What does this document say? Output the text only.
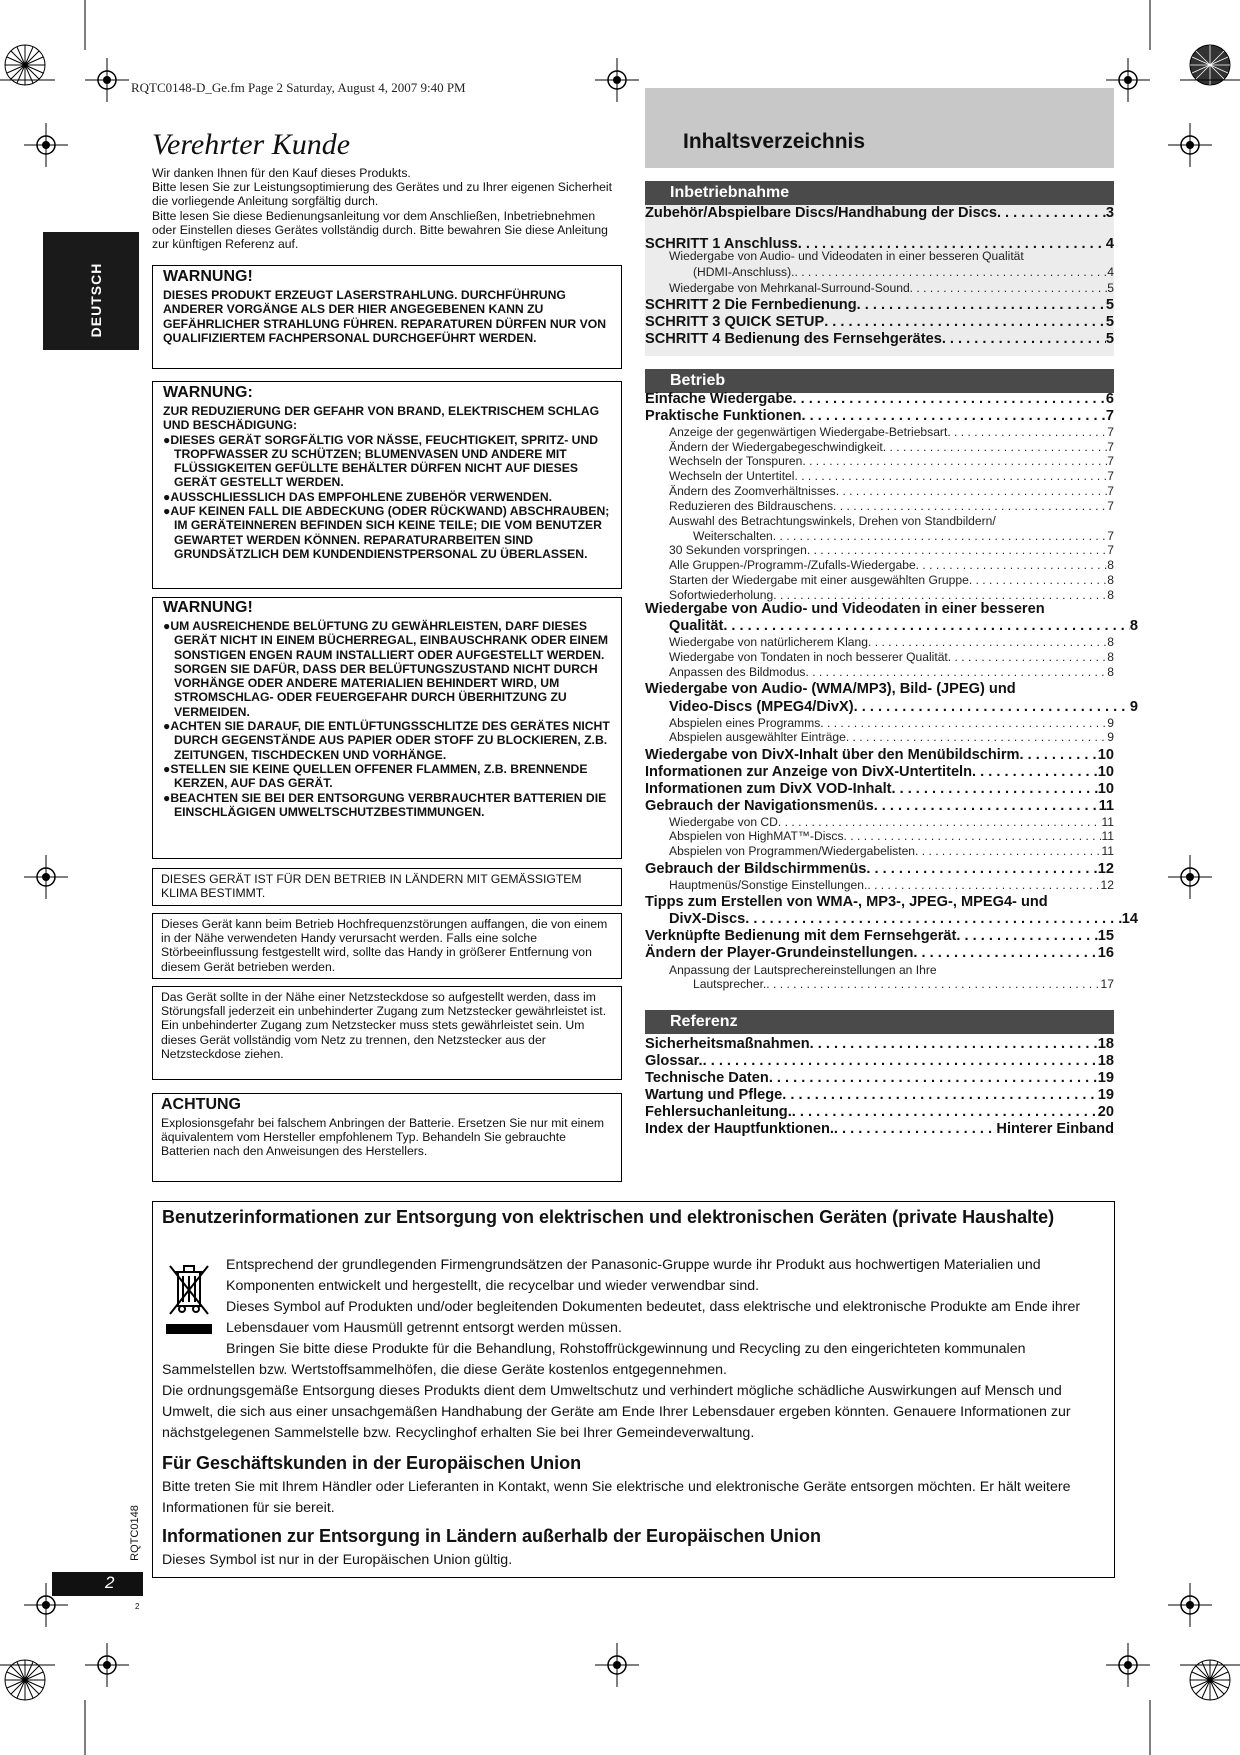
RQTC0148-D_Ge.fm Page 2 Saturday, August 4, 2007 9:40 PM
DEUTSCH
Verehrter Kunde

Wir danken Ihnen für den Kauf dieses Produkts.

Bitte lesen Sie zur Leistungsoptimierung des Gerätes und zu Ihrer eigenen Sicherheit die vorliegende Anleitung sorgfältig durch.

Bitte lesen Sie diese Bedienungsanleitung vor dem Anschließen, Inbetriebnehmen oder Einstellen dieses Gerätes vollständig durch. Bitte bewahren Sie diese Anleitung zur künftigen Referenz auf.

WARNUNG!

DIESES PRODUKT ERZEUGT LASERSTRAHLUNG. DURCHFÜHRUNG ANDERER VORGÄNGE ALS DER HIER ANGEGEBENEN KANN ZU GEFÄHRLICHER STRAHLUNG FÜHREN. REPARATUREN DÜRFEN NUR VON QUALIFIZIERTEM FACHPERSONAL DURCHGEFÜHRT WERDEN.

WARNUNG:

ZUR REDUZIERUNG DER GEFAHR VON BRAND, ELEKTRISCHEM SCHLAG UND BESCHÄDIGUNG:

●DIESES GERÄT SORGFÄLTIG VOR NÄSSE, FEUCHTIGKEIT, SPRITZ- UND TROPFWASSER ZU SCHÜTZEN; BLUMENVASEN UND ANDERE MIT FLÜSSIGKEITEN GEFÜLLTE BEHÄLTER DÜRFEN NICHT AUF DIESES GERÄT GESTELLT WERDEN.
●AUSSCHLIESSLICH DAS EMPFOHLENE ZUBEHÖR VERWENDEN.
●AUF KEINEN FALL DIE ABDECKUNG (ODER RÜCKWAND) ABSCHRAUBEN; IM GERÄTEINNEREN BEFINDEN SICH KEINE TEILE; DIE VOM BENUTZER GEWARTET WERDEN KÖNNEN. REPARATURARBEITEN SIND GRUNDSÄTZLICH DEM KUNDENDIENSTPERSONAL ZU ÜBERLASSEN.

WARNUNG!

●UM AUSREICHENDE BELÜFTUNG ZU GEWÄHRLEISTEN, DARF DIESES GERÄT NICHT IN EINEM BÜCHERREGAL, EINBAUSCHRANK ODER EINEM SONSTIGEN ENGEN RAUM INSTALLIERT ODER AUFGESTELLT WERDEN. SORGEN SIE DAFÜR, DASS DER BELÜFTUNGSZUSTAND NICHT DURCH VORHÄNGE ODER ANDERE MATERIALIEN BEHINDERT WIRD, UM STROMSCHLAG- ODER FEUERGEFAHR DURCH ÜBERHITZUNG ZU VERMEIDEN.
●ACHTEN SIE DARAUF, DIE ENTLÜFTUNGSSCHLITZE DES GERÄTES NICHT DURCH GEGENSTÄNDE AUS PAPIER ODER STOFF ZU BLOCKIEREN, Z.B. ZEITUNGEN, TISCHDECKEN UND VORHÄNGE.
●STELLEN SIE KEINE QUELLEN OFFENER FLAMMEN, Z.B. BRENNENDE KERZEN, AUF DAS GERÄT.
●BEACHTEN SIE BEI DER ENTSORGUNG VERBRAUCHTER BATTERIEN DIE EINSCHLÄGIGEN UMWELTSCHUTZBESTIMMUNGEN.

DIESES GERÄT IST FÜR DEN BETRIEB IN LÄNDERN MIT GEMÄSSIGTEM KLIMA BESTIMMT.

Dieses Gerät kann beim Betrieb Hochfrequenzstörungen auffangen, die von einem in der Nähe verwendeten Handy verursacht werden. Falls eine solche Störbeeinflussung festgestellt wird, sollte das Handy in größerer Entfernung von diesem Gerät betrieben werden.

Das Gerät sollte in der Nähe einer Netzsteckdose so aufgestellt werden, dass im Störungsfall jederzeit ein unbehinderter Zugang zum Netzstecker gewährleistet ist.

Ein unbehinderter Zugang zum Netzstecker muss stets gewährleistet sein. Um dieses Gerät vollständig vom Netz zu trennen, den Netzstecker aus der Netzsteckdose ziehen.

ACHTUNG

Explosionsgefahr bei falschem Anbringen der Batterie. Ersetzen Sie nur mit einem äquivalentem vom Hersteller empfohlenem Typ. Behandeln Sie gebrauchte Batterien nach den Anweisungen des Herstellers.

Inhaltsverzeichnis
Inbetriebnahme
Betrieb
Referenz
Zubehör/Abspielbare Discs/Handhabung der Discs . . .	3
SCHRITT 1 Anschluss . . .	4
Wiedergabe von Audio- und Videodaten in einer besseren Qualität
(HDMI-Anschluss). . . .	4
Wiedergabe von Mehrkanal-Surround-Sound . . .	5
SCHRITT 2 Die Fernbedienung . . .	5
SCHRITT 3 QUICK SETUP . . .	5
SCHRITT 4 Bedienung des Fernsehgerätes . . .	5
Einfache Wiedergabe . . .	6
Praktische Funktionen . . .	7
Anzeige der gegenwärtigen Wiedergabe-Betriebsart . . .	7
Ändern der Wiedergabegeschwindigkeit . . .	7
Wechseln der Tonspuren . . .	7
Wechseln der Untertitel . . .	7
Ändern des Zoomverhältnisses . . .	7
Reduzieren des Bildrauschens . . .	7
Auswahl des Betrachtungswinkels, Drehen von Standbildern/
Weiterschalten . . .	7
30 Sekunden vorspringen . . .	7
Alle Gruppen-/Programm-/Zufalls-Wiedergabe . . .	8
Starten der Wiedergabe mit einer ausgewählten Gruppe . . .	8
Sofortwiederholung . . .	8
Wiedergabe von Audio- und Videodaten in einer besseren
Qualität . . .	8
Wiedergabe von natürlicherem Klang . . .	8
Wiedergabe von Tondaten in noch besserer Qualität . . .	8
Anpassen des Bildmodus . . .	8
Wiedergabe von Audio- (WMA/MP3), Bild- (JPEG) und
Video-Discs (MPEG4/DivX) . . .	9
Abspielen eines Programms . . .	9
Abspielen ausgewählter Einträge . . .	9
Wiedergabe von DivX-Inhalt über den Menübildschirm . . .	10
Informationen zur Anzeige von DivX-Untertiteln . . .	10
Informationen zum DivX VOD-Inhalt . . .	10
Gebrauch der Navigationsmenüs . . .	11
Wiedergabe von CD . . .	11
Abspielen von HighMAT™-Discs . . .	11
Abspielen von Programmen/Wiedergabelisten . . .	11
Gebrauch der Bildschirmmenüs . . .	12
Hauptmenüs/Sonstige Einstellungen. . . .	12
Tipps zum Erstellen von WMA-, MP3-, JPEG-, MPEG4- und
DivX-Discs . . .	14
Verknüpfte Bedienung mit dem Fernsehgerät . . .	15
Ändern der Player-Grundeinstellungen . . .	16
Anpassung der Lautsprechereinstellungen an Ihre
Lautsprecher. . . .	17
Sicherheitsmaßnahmen . . .	18
Glossar. . . .	18
Technische Daten . . .	19
Wartung und Pflege . . .	19
Fehlersuchanleitung. . . .	20
Index der Hauptfunktionen. . . .	Hinterer Einband
Benutzerinformationen zur Entsorgung von elektrischen und elektronischen Geräten (private Haushalte)
Entsprechend der grundlegenden Firmengrundsätzen der Panasonic-Gruppe wurde ihr Produkt aus hochwertigen Materialien und Komponenten entwickelt und hergestellt, die recycelbar und wieder verwendbar sind.
Dieses Symbol auf Produkten und/oder begleitenden Dokumenten bedeutet, dass elektrische und elektronische Produkte am Ende ihrer Lebensdauer vom Hausmüll getrennt entsorgt werden müssen.
Bringen Sie bitte diese Produkte für die Behandlung, Rohstoffrückgewinnung und Recycling zu den eingerichteten kommunalen Sammelstellen bzw. Wertstoffsammelhöfen, die diese Geräte kostenlos entgegennehmen.
Die ordnungsgemäße Entsorgung dieses Produkts dient dem Umweltschutz und verhindert mögliche schädliche Auswirkungen auf Mensch und Umwelt, die sich aus einer unsachgemäßen Handhabung der Geräte am Ende Ihrer Lebensdauer ergeben könnten. Genauere Informationen zur nächstgelegenen Sammelstelle bzw. Recyclinghof erhalten Sie bei Ihrer Gemeindeverwaltung.
Für Geschäftskunden in der Europäischen Union
Bitte treten Sie mit Ihrem Händler oder Lieferanten in Kontakt, wenn Sie elektrische und elektronische Geräte entsorgen möchten. Er hält weitere Informationen für sie bereit.
Informationen zur Entsorgung in Ländern außerhalb der Europäischen Union
Dieses Symbol ist nur in der Europäischen Union gültig.
RQTC0148
2
2
